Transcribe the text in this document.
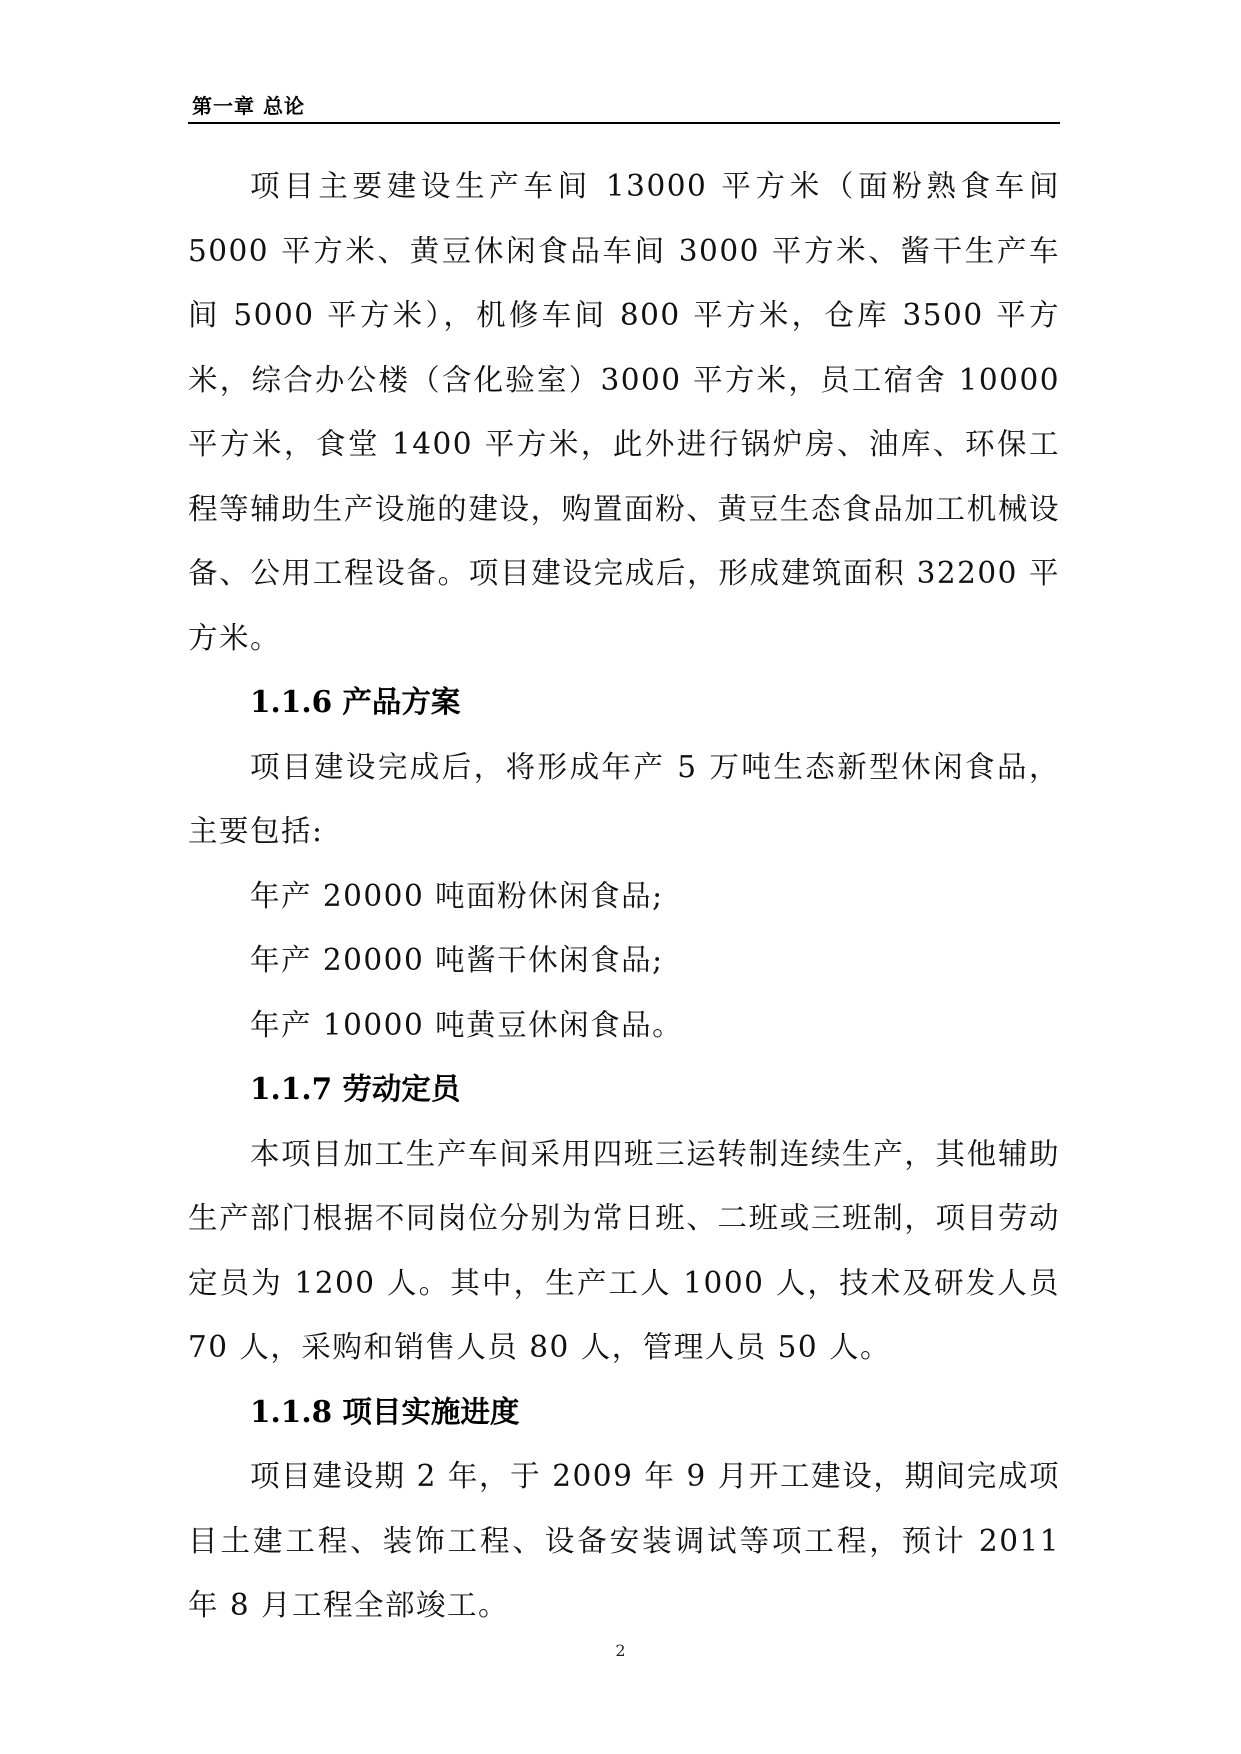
第一章 总论

项目主要建设生产车间 13000 平方米（面粉熟食车间 5000 平方米、黄豆休闲食品车间 3000 平方米、酱干生产车间 5000 平方米），机修车间 800 平方米，仓库 3500 平方米，综合办公楼（含化验室）3000 平方米，员工宿舍 10000 平方米，食堂 1400 平方米，此外进行锅炉房、油库、环保工程等辅助生产设施的建设，购置面粉、黄豆生态食品加工机械设备、公用工程设备。项目建设完成后，形成建筑面积 32200 平方米。

1.1.6 产品方案

项目建设完成后，将形成年产 5 万吨生态新型休闲食品，主要包括:

年产 20000 吨面粉休闲食品;

年产 20000 吨酱干休闲食品;

年产 10000 吨黄豆休闲食品。

1.1.7 劳动定员

本项目加工生产车间采用四班三运转制连续生产，其他辅助生产部门根据不同岗位分别为常日班、二班或三班制，项目劳动定员为 1200 人。其中，生产工人 1000 人，技术及研发人员 70 人，采购和销售人员 80 人，管理人员 50 人。

1.1.8 项目实施进度

项目建设期 2 年，于 2009 年 9 月开工建设，期间完成项目土建工程、装饰工程、设备安装调试等项工程，预计 2011 年 8 月工程全部竣工。

2
